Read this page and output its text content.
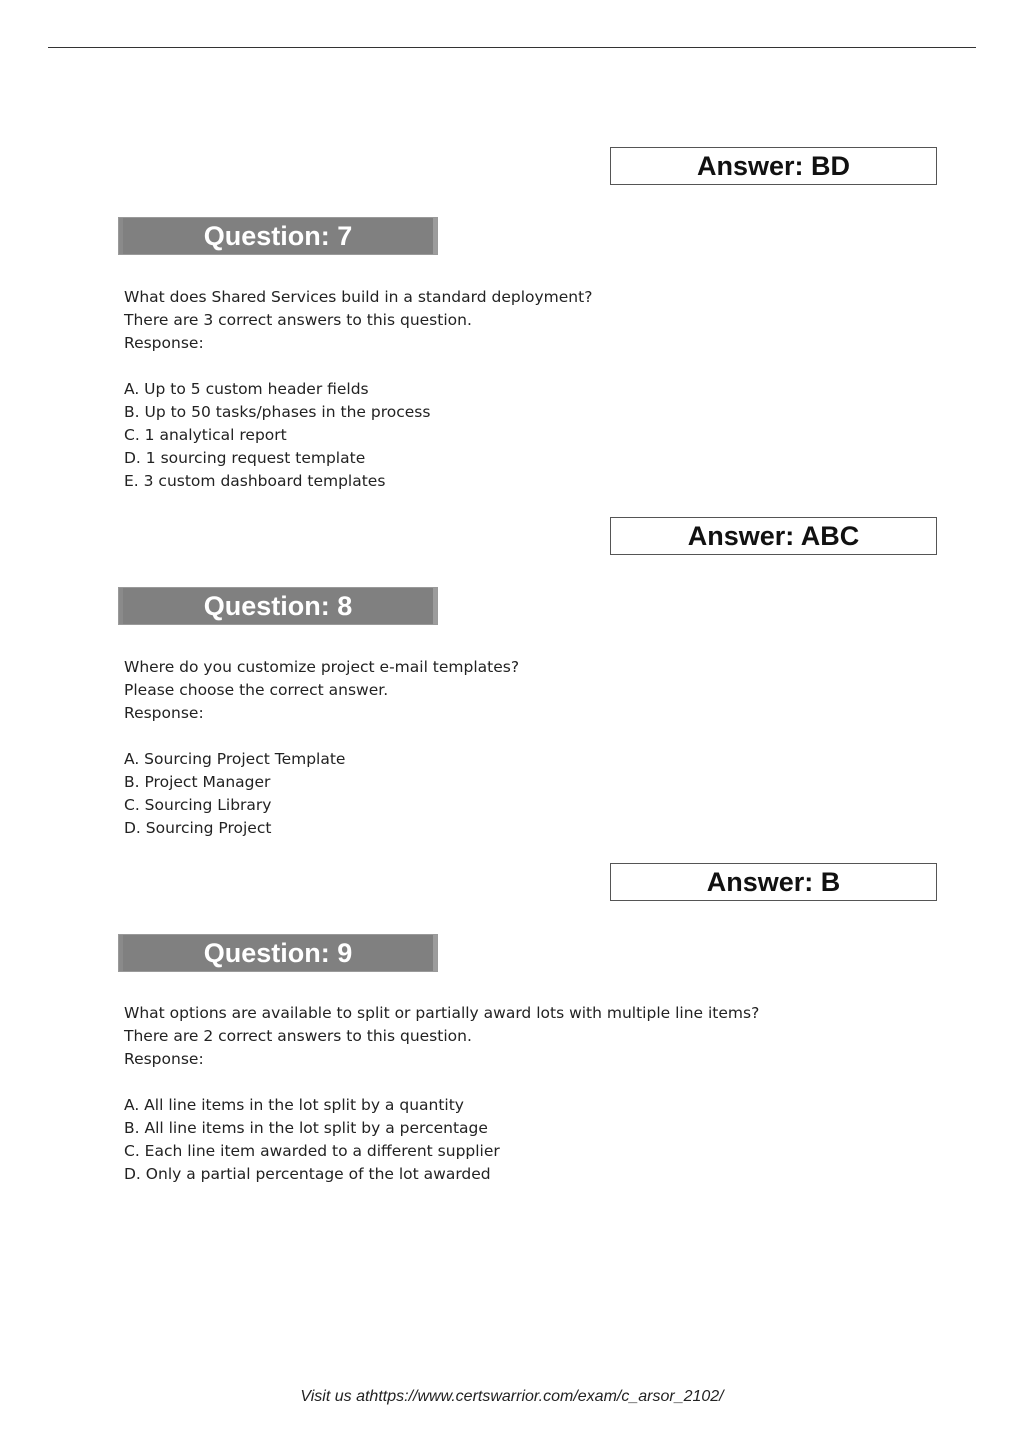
Answer: BD
Question: 7
What does Shared Services build in a standard deployment?
There are 3 correct answers to this question.
Response:
A. Up to 5 custom header fields
B. Up to 50 tasks/phases in the process
C. 1 analytical report
D. 1 sourcing request template
E. 3 custom dashboard templates
Answer: ABC
Question: 8
Where do you customize project e-mail templates?
Please choose the correct answer.
Response:
A. Sourcing Project Template
B. Project Manager
C. Sourcing Library
D. Sourcing Project
Answer: B
Question: 9
What options are available to split or partially award lots with multiple line items?
There are 2 correct answers to this question.
Response:
A. All line items in the lot split by a quantity
B. All line items in the lot split by a percentage
C. Each line item awarded to a different supplier
D. Only a partial percentage of the lot awarded
Visit us athttps://www.certswarrior.com/exam/c_arsor_2102/
